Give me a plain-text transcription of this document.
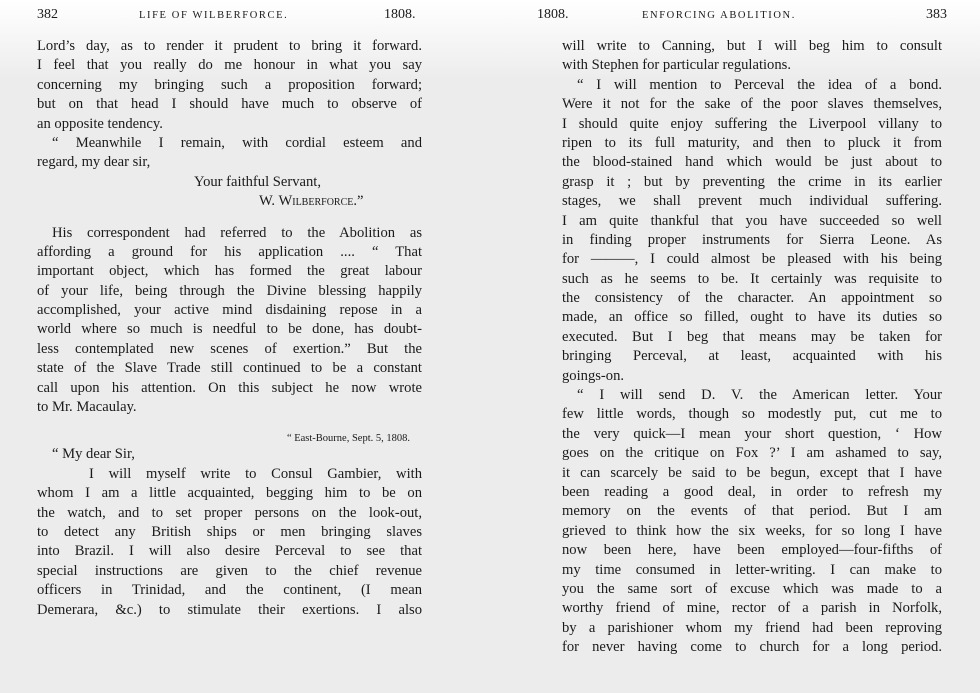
382	LIFE OF WILBERFORCE.	1808.
Lord’s day, as to render it prudent to bring it forward.
I feel that you really do me honour in what you say
concerning my bringing such a proposition forward;
but on that head I should have much to observe of
an opposite tendency.
“ Meanwhile I remain, with cordial esteem and
regard, my dear sir,
Your faithful Servant,
W. Wilberforce.”
His correspondent had referred to the Abolition as
affording a ground for his application .... “ That
important object, which has formed the great labour
of your life, being through the Divine blessing happily
accomplished, your active mind disdaining repose in a
world where so much is needful to be done, has doubt-
less contemplated new scenes of exertion.” But the
state of the Slave Trade still continued to be a constant
call upon his attention. On this subject he now wrote
to Mr. Macaulay.
“ East-Bourne, Sept. 5, 1808.
“ My dear Sir,
I will myself write to Consul Gambier, with
whom I am a little acquainted, begging him to be on
the watch, and to set proper persons on the look-out,
to detect any British ships or men bringing slaves
into Brazil. I will also desire Perceval to see that
special instructions are given to the chief revenue
officers in Trinidad, and the continent, (I mean
Demerara, &c.) to stimulate their exertions. I also
1808.	ENFORCING ABOLITION.	383
will write to Canning, but I will beg him to consult
with Stephen for particular regulations.
“ I will mention to Perceval the idea of a bond.
Were it not for the sake of the poor slaves themselves,
I should quite enjoy suffering the Liverpool villany to
ripen to its full maturity, and then to pluck it from
the blood-stained hand which would be just about to
grasp it ; but by preventing the crime in its earlier
stages, we shall prevent much individual suffering.
I am quite thankful that you have succeeded so well
in finding proper instruments for Sierra Leone. As
for ———, I could almost be pleased with his being
such as he seems to be. It certainly was requisite to
the consistency of the character. An appointment so
made, an office so filled, ought to have its duties so
executed. But I beg that means may be taken for
bringing Perceval, at least, acquainted with his
goings-on.
“ I will send D. V. the American letter. Your
few little words, though so modestly put, cut me to
the very quick—I mean your short question, ‘ How
goes on the critique on Fox ?’ I am ashamed to say,
it can scarcely be said to be begun, except that I have
been reading a good deal, in order to refresh my
memory on the events of that period. But I am
grieved to think how the six weeks, for so long I have
now been here, have been employed—four-fifths of
my time consumed in letter-writing. I can make to
you the same sort of excuse which was made to a
worthy friend of mine, rector of a parish in Norfolk,
by a parishioner whom my friend had been reproving
for never having come to church for a long period.
